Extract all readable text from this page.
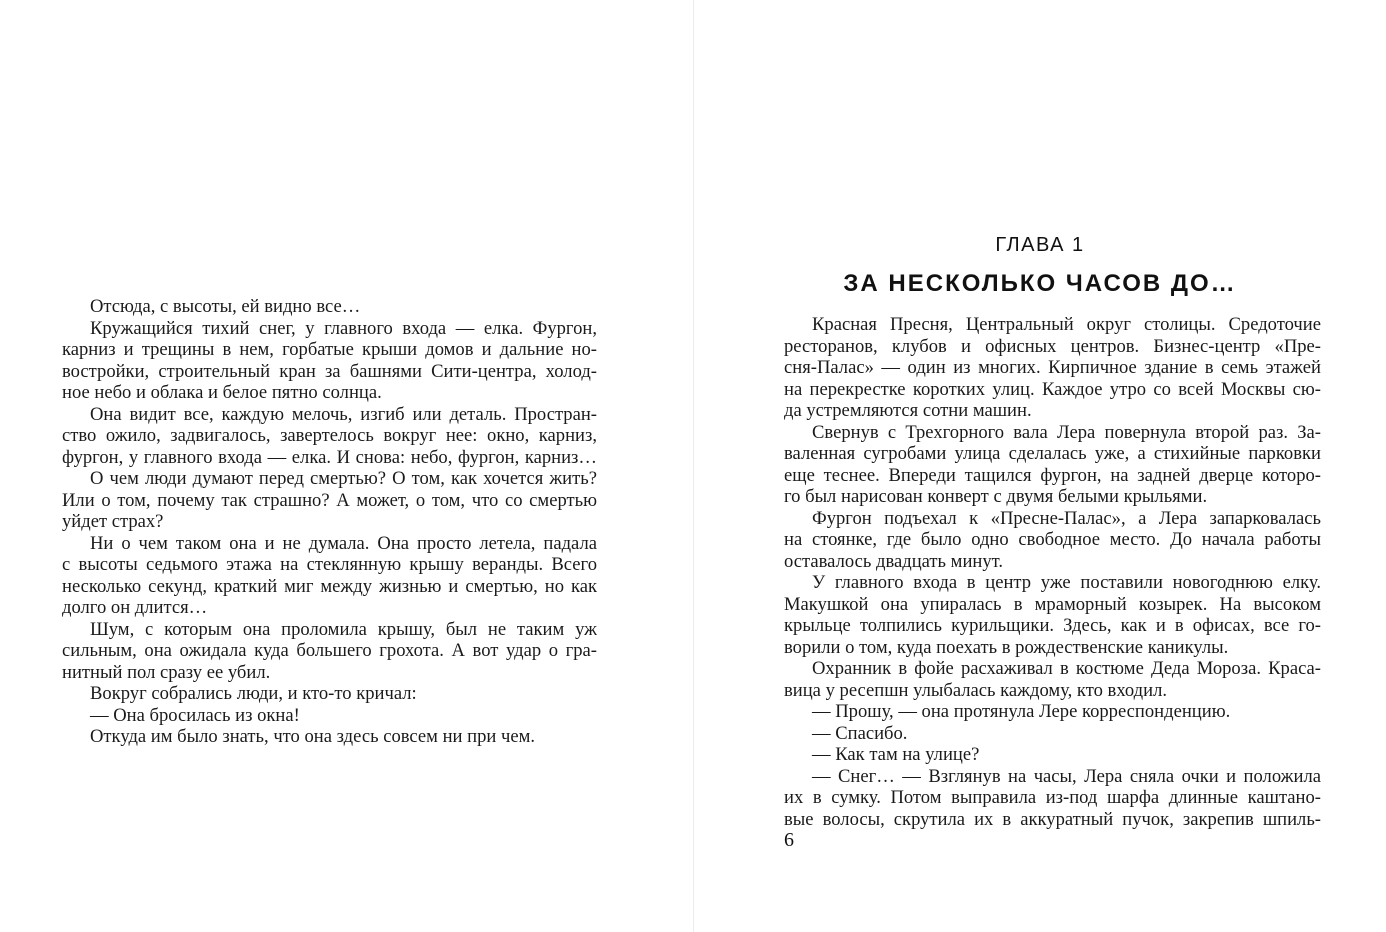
Отсюда, с высоты, ей видно все…
Кружащийся тихий снег, у главного входа — елка. Фургон,
карниз и трещины в нем, горбатые крыши домов и дальние но-
востройки, строительный кран за башнями Сити-центра, холод-
ное небо и облака и белое пятно солнца.
Она видит все, каждую мелочь, изгиб или деталь. Простран-
ство ожило, задвигалось, завертелось вокруг нее: окно, карниз,
фургон, у главного входа — елка. И снова: небо, фургон, карниз…
О чем люди думают перед смертью? О том, как хочется жить?
Или о том, почему так страшно? А может, о том, что со смертью
уйдет страх?
Ни о чем таком она и не думала. Она просто летела, падала
с высоты седьмого этажа на стеклянную крышу веранды. Всего
несколько секунд, краткий миг между жизнью и смертью, но как
долго он длится…
Шум, с которым она проломила крышу, был не таким уж
сильным, она ожидала куда большего грохота. А вот удар о гра-
нитный пол сразу ее убил.
Вокруг собрались люди, и кто-то кричал:
— Она бросилась из окна!
Откуда им было знать, что она здесь совсем ни при чем.
ГЛАВА 1
ЗА НЕСКОЛЬКО ЧАСОВ ДО…
Красная Пресня, Центральный округ столицы. Средоточие
ресторанов, клубов и офисных центров. Бизнес-центр «Пре-
сня-Палас» — один из многих. Кирпичное здание в семь этажей
на перекрестке коротких улиц. Каждое утро со всей Москвы сю-
да устремляются сотни машин.
Свернув с Трехгорного вала Лера повернула второй раз. За-
валенная сугробами улица сделалась уже, а стихийные парковки
еще теснее. Впереди тащился фургон, на задней дверце которо-
го был нарисован конверт с двумя белыми крыльями.
Фургон подъехал к «Пресне-Палас», а Лера запарковалась
на стоянке, где было одно свободное место. До начала работы
оставалось двадцать минут.
У главного входа в центр уже поставили новогоднюю елку.
Макушкой она упиралась в мраморный козырек. На высоком
крыльце толпились курильщики. Здесь, как и в офисах, все го-
ворили о том, куда поехать в рождественские каникулы.
Охранник в фойе расхаживал в костюме Деда Мороза. Краса-
вица у ресепшн улыбалась каждому, кто входил.
— Прошу, — она протянула Лере корреспонденцию.
— Спасибо.
— Как там на улице?
— Снег… — Взглянув на часы, Лера сняла очки и положила
их в сумку. Потом выправила из-под шарфа длинные каштано-
вые волосы, скрутила их в аккуратный пучок, закрепив шпиль-
6
